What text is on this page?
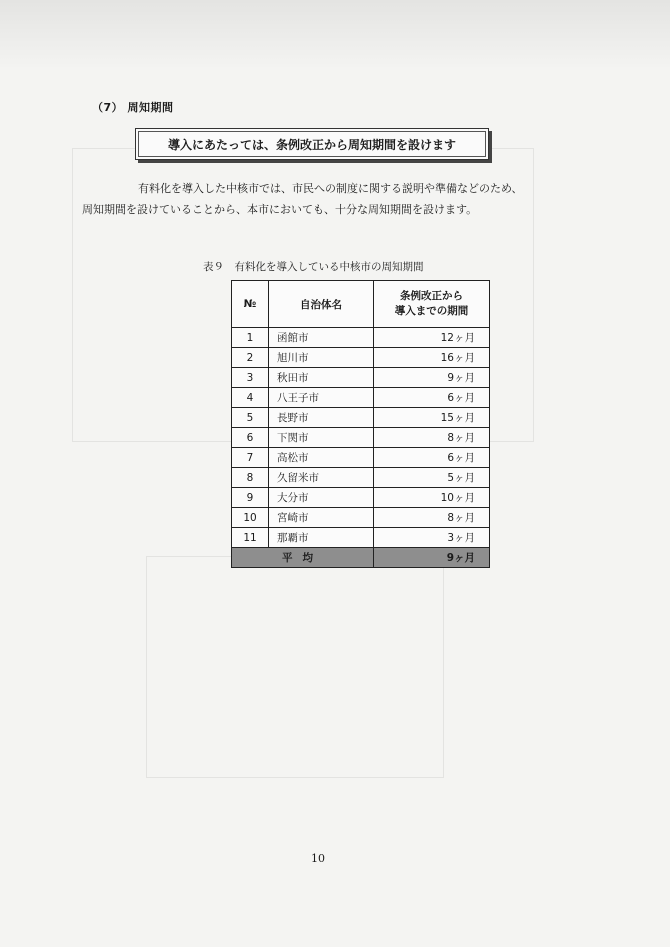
（7） 周知期間
導入にあたっては、条例改正から周知期間を設けます
有料化を導入した中核市では、市民への制度に関する説明や準備などのため、
周知期間を設けていることから、本市においても、十分な周知期間を設けます。
表９　有料化を導入している中核市の周知期間
№	自治体名	条例改正から
導入までの期間
1	函館市	12ヶ月
2	旭川市	16ヶ月
3	秋田市	9ヶ月
4	八王子市	6ヶ月
5	長野市	15ヶ月
6	下関市	8ヶ月
7	高松市	6ヶ月
8	久留米市	5ヶ月
9	大分市	10ヶ月
10	宮崎市	8ヶ月
11	那覇市	3ヶ月
平均		9ヶ月
10
